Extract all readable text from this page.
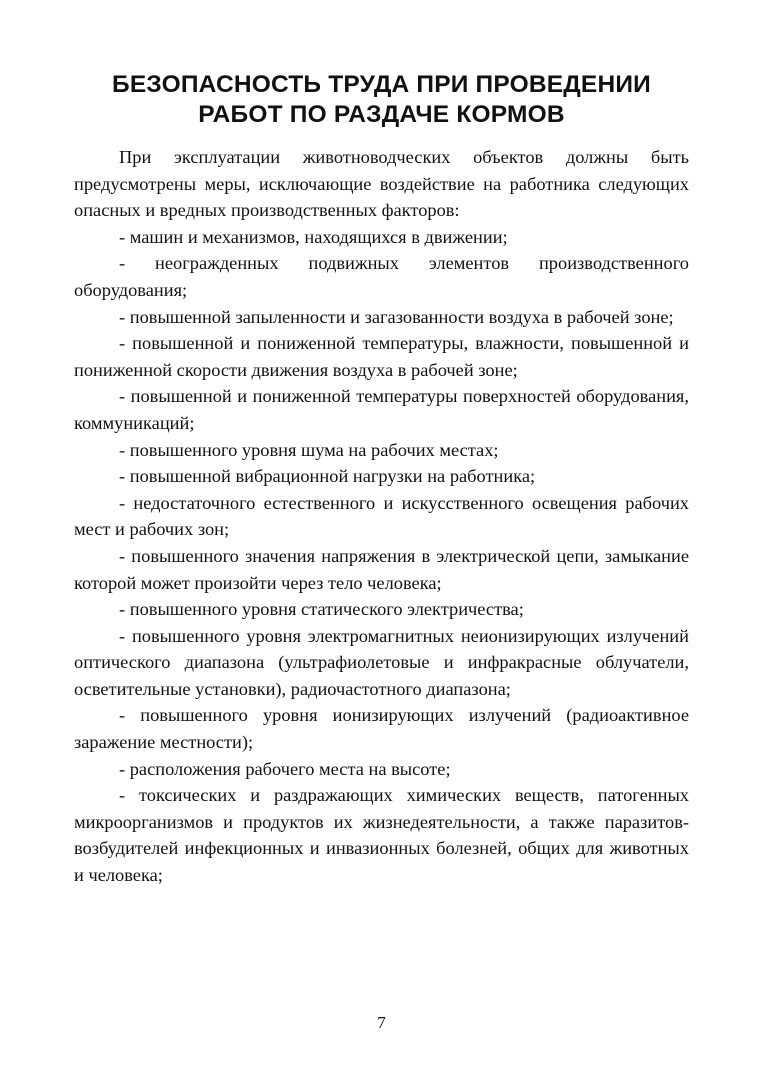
БЕЗОПАСНОСТЬ ТРУДА ПРИ ПРОВЕДЕНИИ
РАБОТ ПО РАЗДАЧЕ КОРМОВ

При эксплуатации животноводческих объектов должны быть предусмотрены меры, исключающие воздействие на работника следующих опасных и вредных производственных факторов:

- машин и механизмов, находящихся в движении;

- неогражденных подвижных элементов производственного оборудования;

- повышенной запыленности и загазованности воздуха в рабочей зоне;

- повышенной и пониженной температуры, влажности, повышенной и пониженной скорости движения воздуха в рабочей зоне;

- повышенной и пониженной температуры поверхностей оборудования, коммуникаций;

- повышенного уровня шума на рабочих местах;

- повышенной вибрационной нагрузки на работника;

- недостаточного естественного и искусственного освещения рабочих мест и рабочих зон;

- повышенного значения напряжения в электрической цепи, замыкание которой может произойти через тело человека;

- повышенного уровня статического электричества;

- повышенного уровня электромагнитных неионизирующих излучений оптического диапазона (ультрафиолетовые и инфракрасные облучатели, осветительные установки), радиочастотного диапазона;

- повышенного уровня ионизирующих излучений (радиоактивное заражение местности);

- расположения рабочего места на высоте;

- токсических и раздражающих химических веществ, патогенных микроорганизмов и продуктов их жизнедеятельности, а также паразитов-возбудителей инфекционных и инвазионных болезней, общих для животных и человека;

7
